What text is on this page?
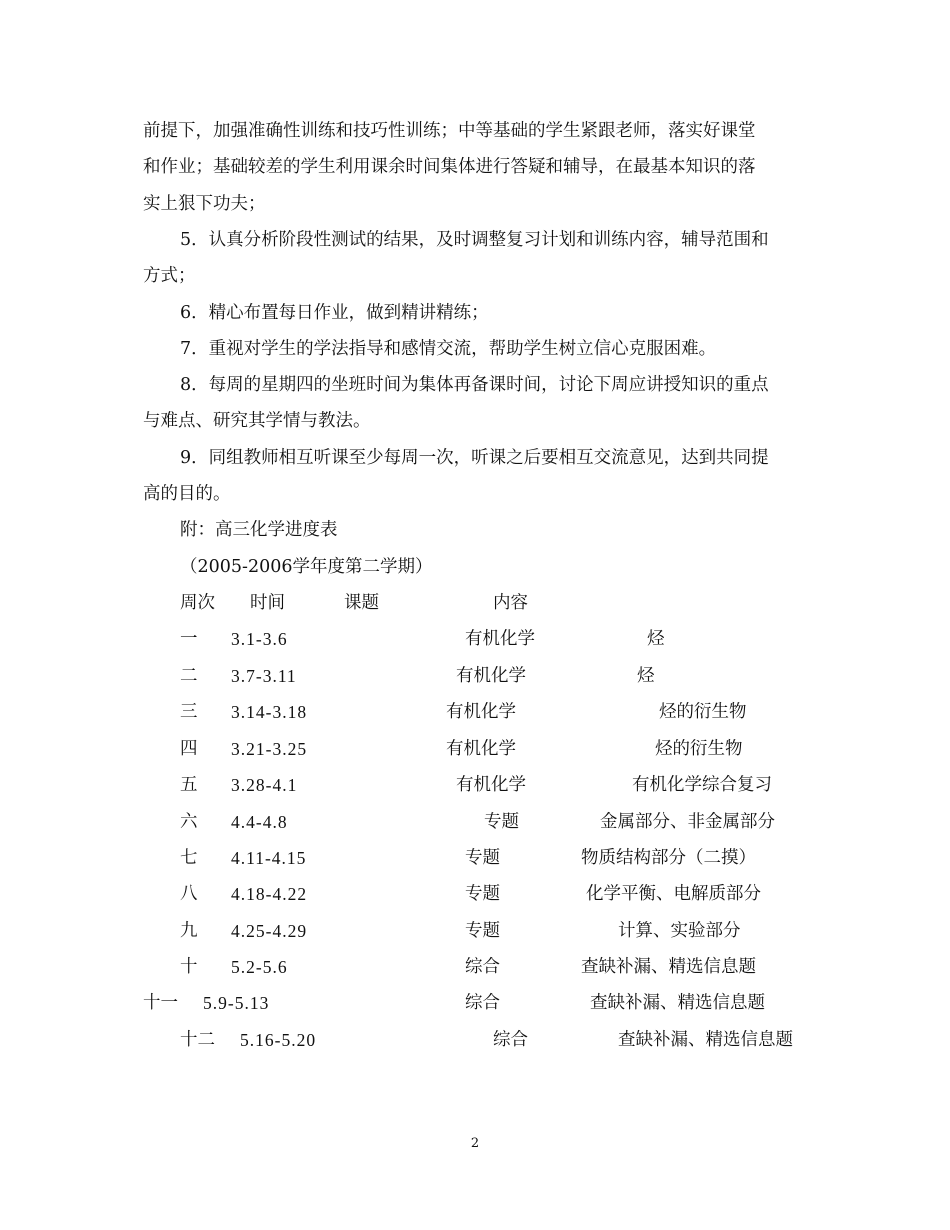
前提下，加强准确性训练和技巧性训练；中等基础的学生紧跟老师，落实好课堂
和作业；基础较差的学生利用课余时间集体进行答疑和辅导，在最基本知识的落
实上狠下功夫；
5．认真分析阶段性测试的结果，及时调整复习计划和训练内容，辅导范围和
方式；
6．精心布置每日作业，做到精讲精练；
7．重视对学生的学法指导和感情交流，帮助学生树立信心克服困难。
8．每周的星期四的坐班时间为集体再备课时间，讨论下周应讲授知识的重点
与难点、研究其学情与教法。
9．同组教师相互听课至少每周一次，听课之后要相互交流意见，达到共同提
高的目的。
附：高三化学进度表
（2005-2006学年度第二学期）
周次 时间	课题	内容
一 3.1-3.6	有机化学	烃
二 3.7-3.11	有机化学	烃
三 3.14-3.18	有机化学	烃的衍生物
四 3.21-3.25	有机化学	烃的衍生物
五 3.28-4.1	有机化学	有机化学综合复习
六 4.4-4.8	专题	金属部分、非金属部分
七 4.11-4.15	专题	物质结构部分（二摸）
八 4.18-4.22	专题	化学平衡、电解质部分
九 4.25-4.29	专题	计算、实验部分
十 5.2-5.6	综合	查缺补漏、精选信息题
十一 5.9-5.13	综合	查缺补漏、精选信息题
十二 5.16-5.20	综合	查缺补漏、精选信息题
2
